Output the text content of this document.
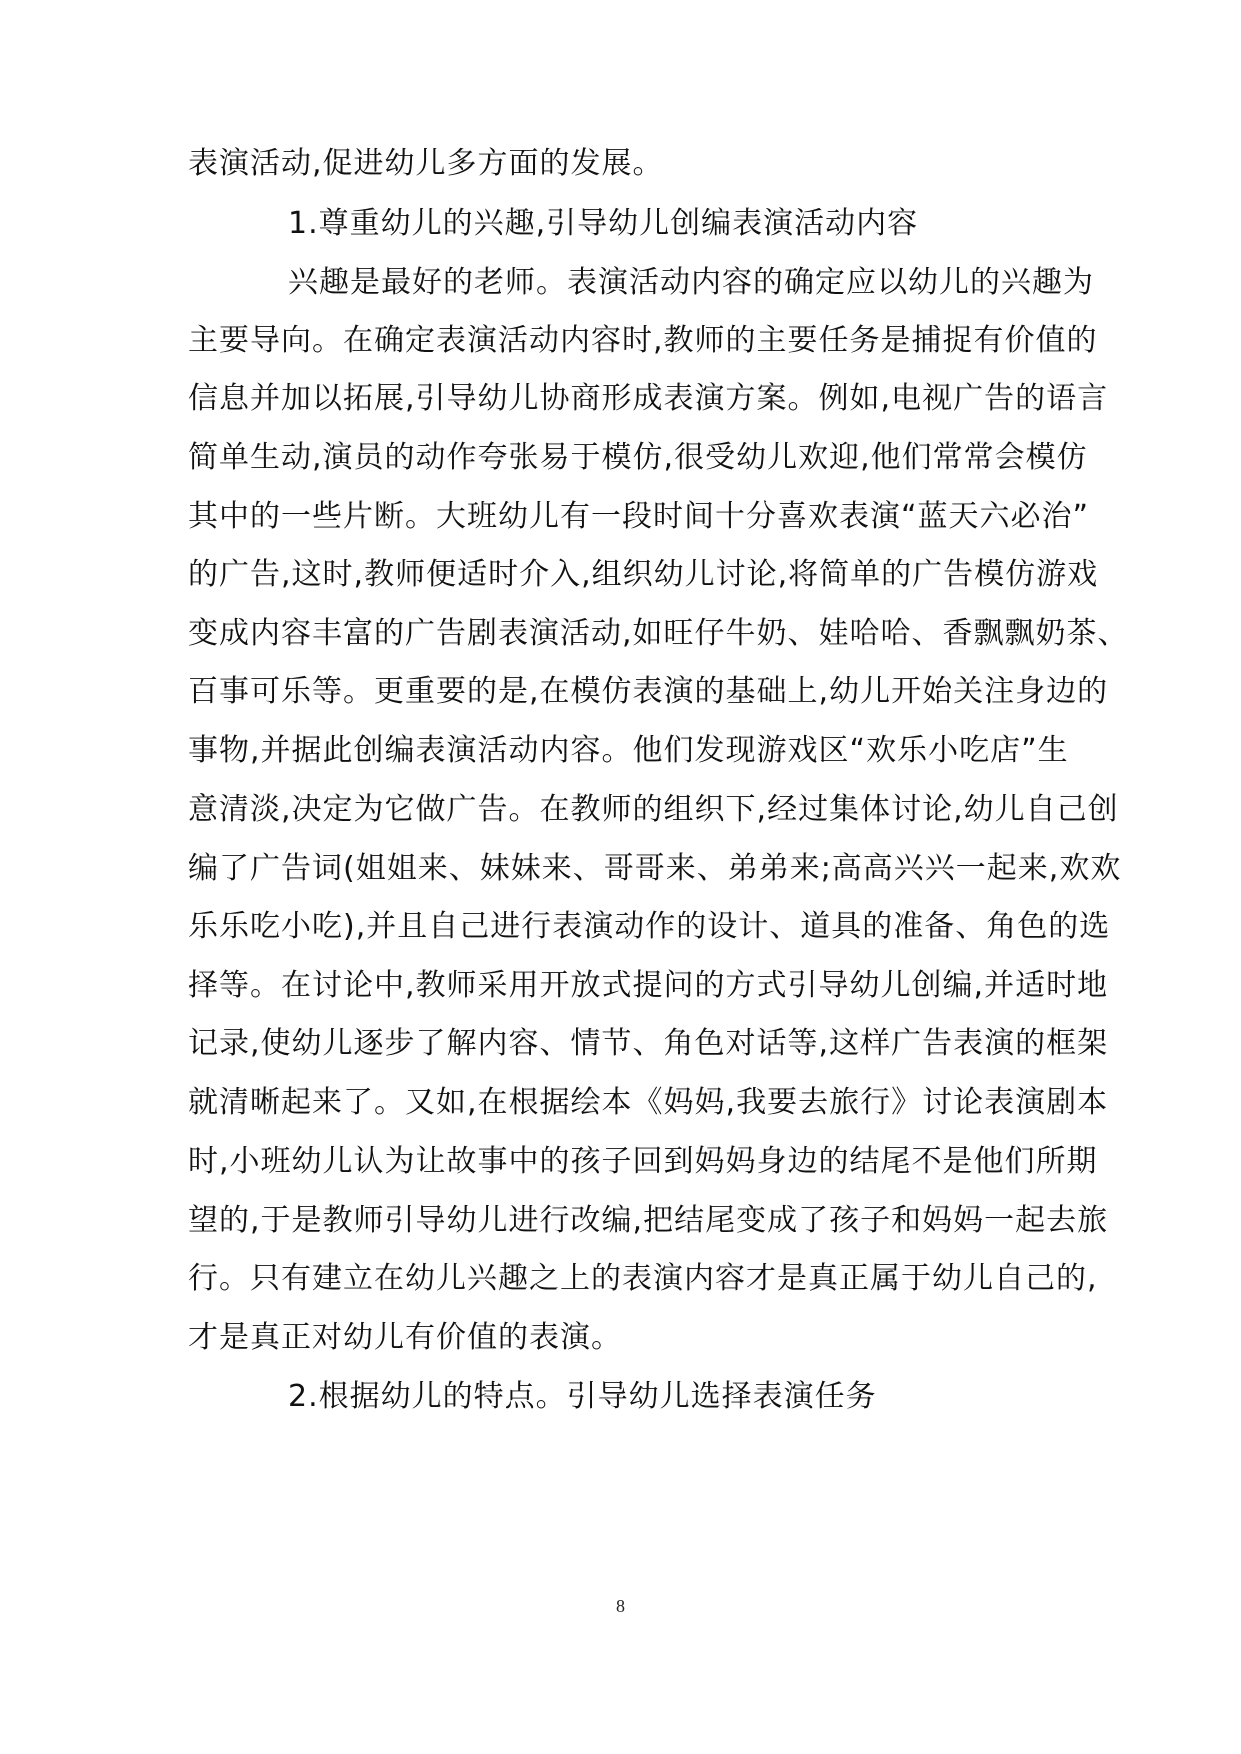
表演活动,促进幼儿多方面的发展。
1.尊重幼儿的兴趣,引导幼儿创编表演活动内容
兴趣是最好的老师。表演活动内容的确定应以幼儿的兴趣为
主要导向。在确定表演活动内容时,教师的主要任务是捕捉有价值的
信息并加以拓展,引导幼儿协商形成表演方案。例如,电视广告的语言
简单生动,演员的动作夸张易于模仿,很受幼儿欢迎,他们常常会模仿
其中的一些片断。大班幼儿有一段时间十分喜欢表演“蓝天六必治”
的广告,这时,教师便适时介入,组织幼儿讨论,将简单的广告模仿游戏
变成内容丰富的广告剧表演活动,如旺仔牛奶、娃哈哈、香飘飘奶茶、
百事可乐等。更重要的是,在模仿表演的基础上,幼儿开始关注身边的
事物,并据此创编表演活动内容。他们发现游戏区“欢乐小吃店”生
意清淡,决定为它做广告。在教师的组织下,经过集体讨论,幼儿自己创
编了广告词(姐姐来、妹妹来、哥哥来、弟弟来;高高兴兴一起来,欢欢
乐乐吃小吃),并且自己进行表演动作的设计、道具的准备、角色的选
择等。在讨论中,教师采用开放式提问的方式引导幼儿创编,并适时地
记录,使幼儿逐步了解内容、情节、角色对话等,这样广告表演的框架
就清晰起来了。又如,在根据绘本《妈妈,我要去旅行》讨论表演剧本
时,小班幼儿认为让故事中的孩子回到妈妈身边的结尾不是他们所期
望的,于是教师引导幼儿进行改编,把结尾变成了孩子和妈妈一起去旅
行。只有建立在幼儿兴趣之上的表演内容才是真正属于幼儿自己的,
才是真正对幼儿有价值的表演。
2.根据幼儿的特点。引导幼儿选择表演任务
8
